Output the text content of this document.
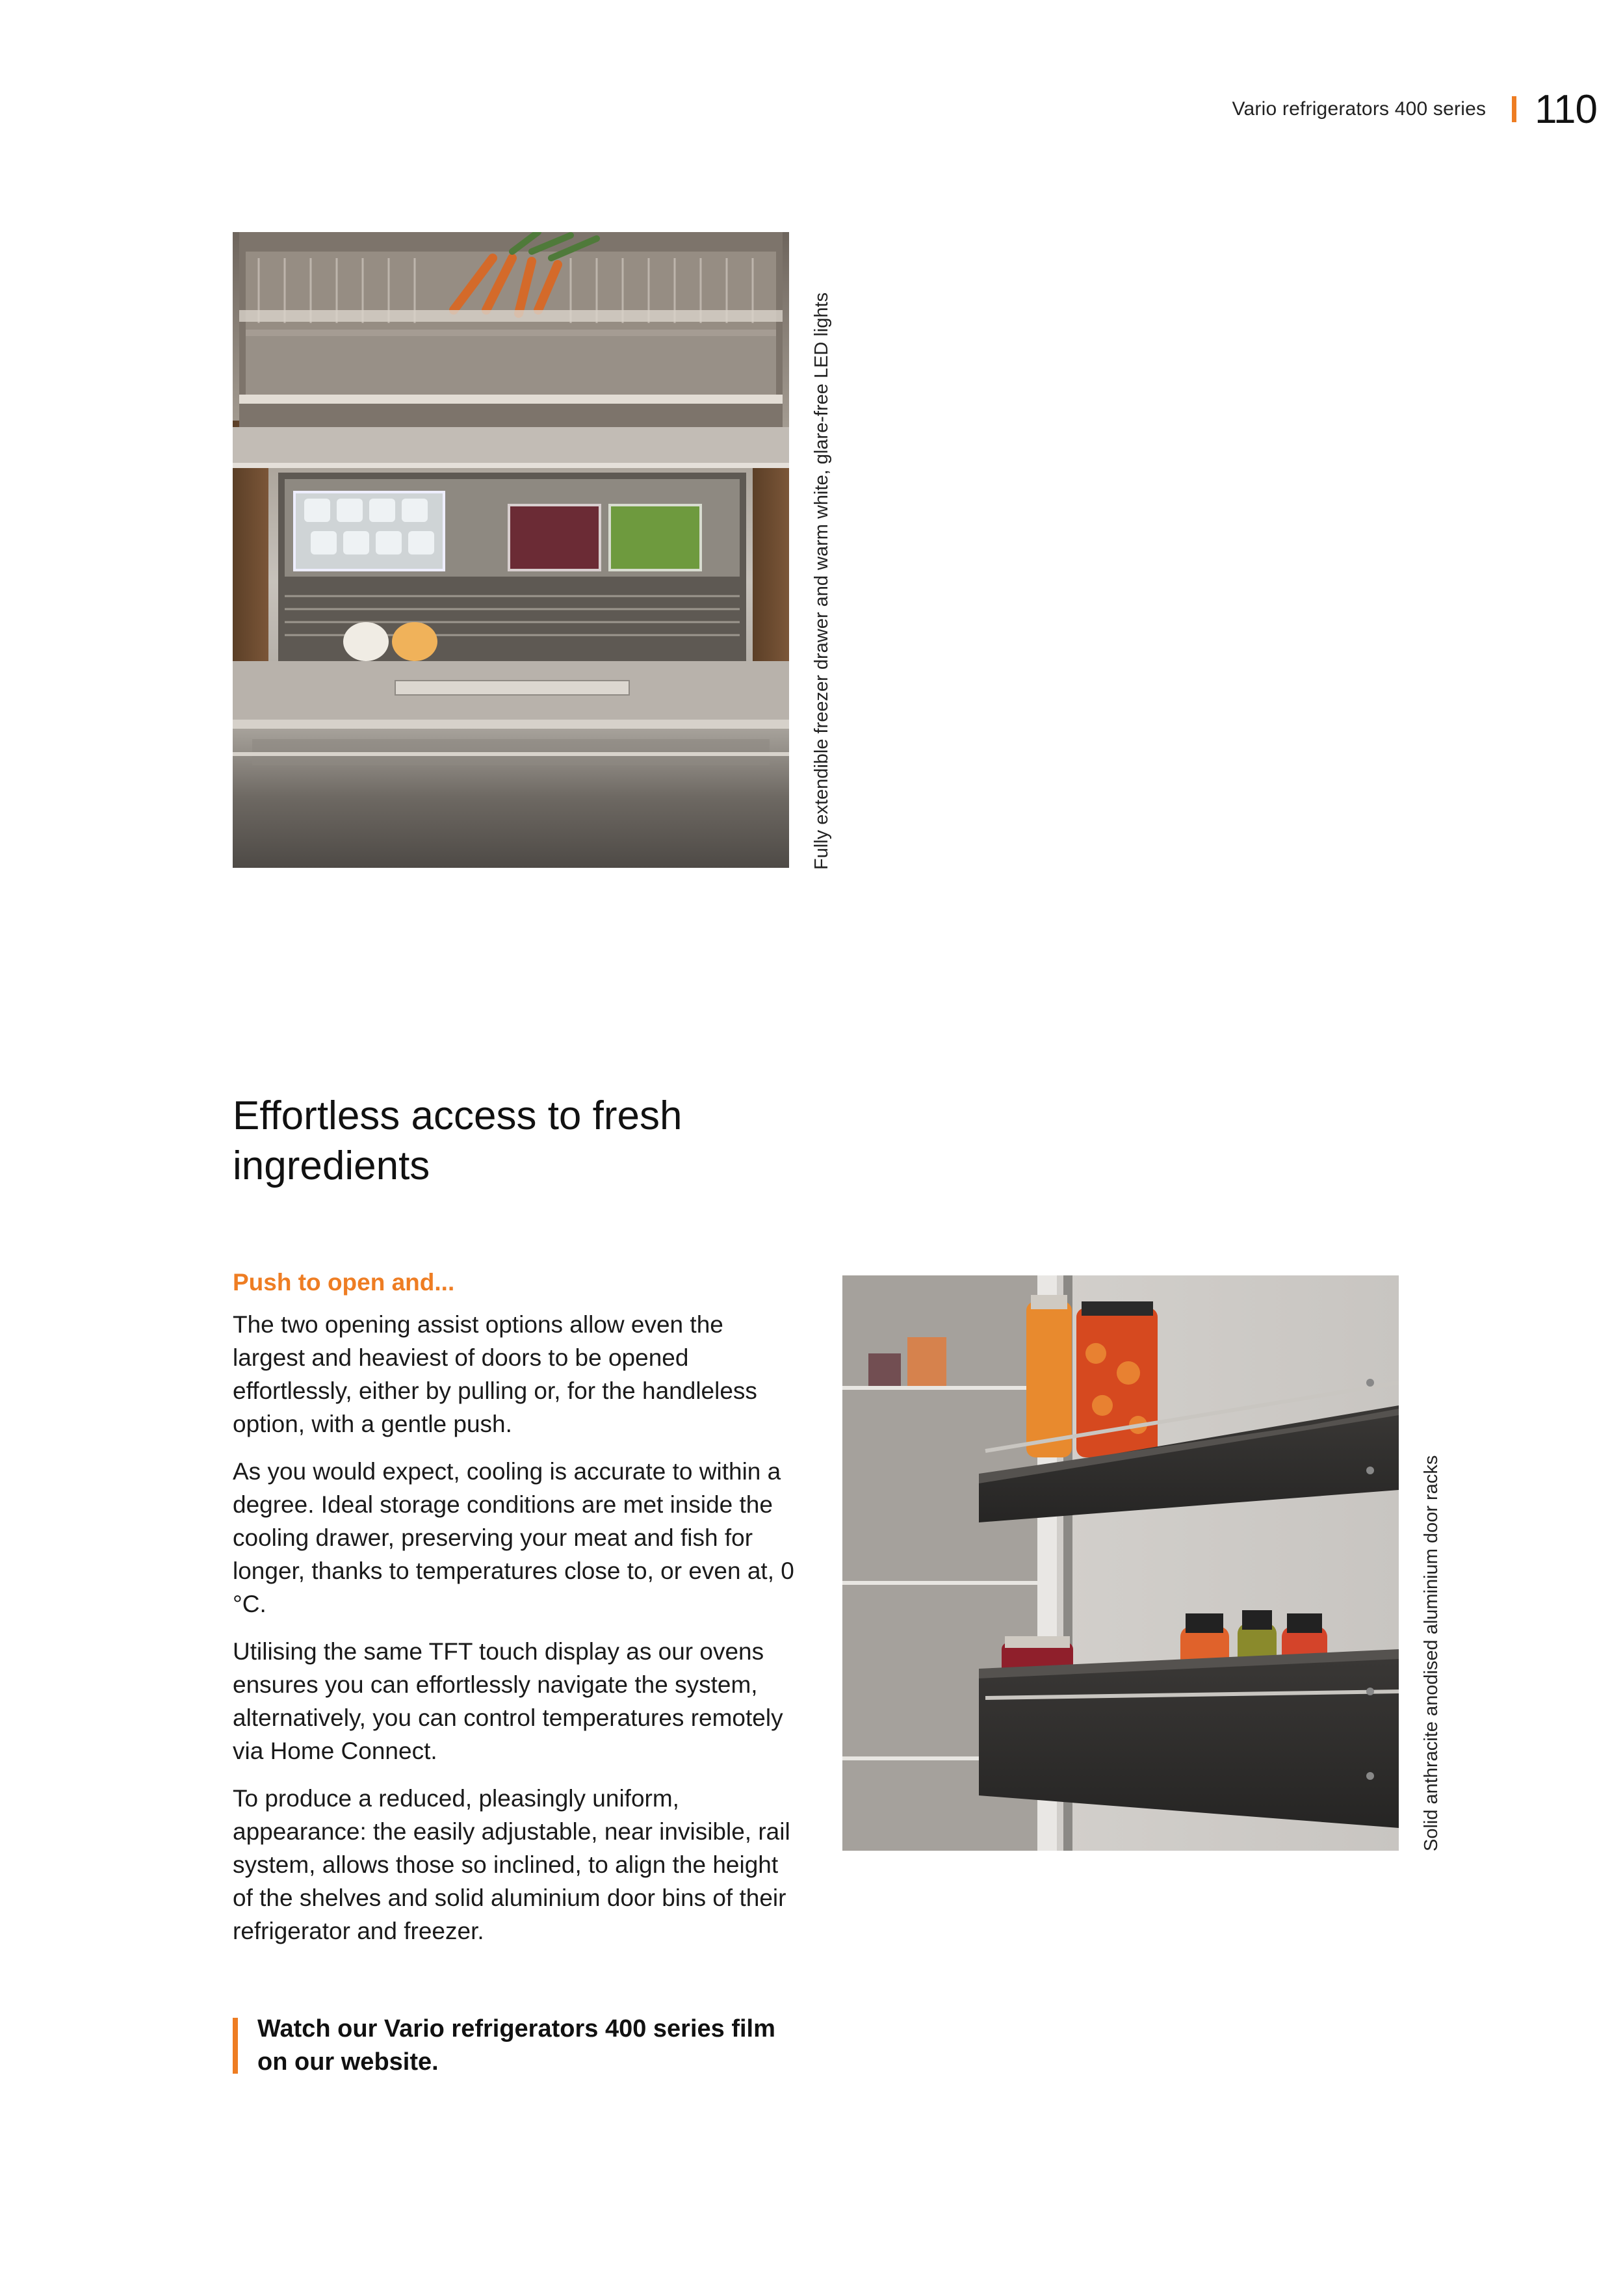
Vario refrigerators 400 series 110
Fully extendible freezer drawer and warm white, glare-free LED lights
Effortless access to fresh
ingredients

Push to open and...

The two opening assist options allow even the largest and heaviest of doors to be opened effortlessly, either by pulling or, for the handleless option, with a gentle push.

As you would expect, cooling is accurate to within a degree. Ideal storage conditions are met inside the cooling drawer, preserving your meat and fish for longer, thanks to temperatures close to, or even at, 0 °C.

Utilising the same TFT touch display as our ovens ensures you can effortlessly navigate the system, alternatively, you can control temperatures remotely via Home Connect.

To produce a reduced, pleasingly uniform, appearance: the easily adjustable, near invisible, rail system, allows those so inclined, to align the height of the shelves and solid aluminium door bins of their refrigerator and freezer.

Solid anthracite anodised aluminium door racks
Watch our Vario refrigerators 400 series film on our website.
